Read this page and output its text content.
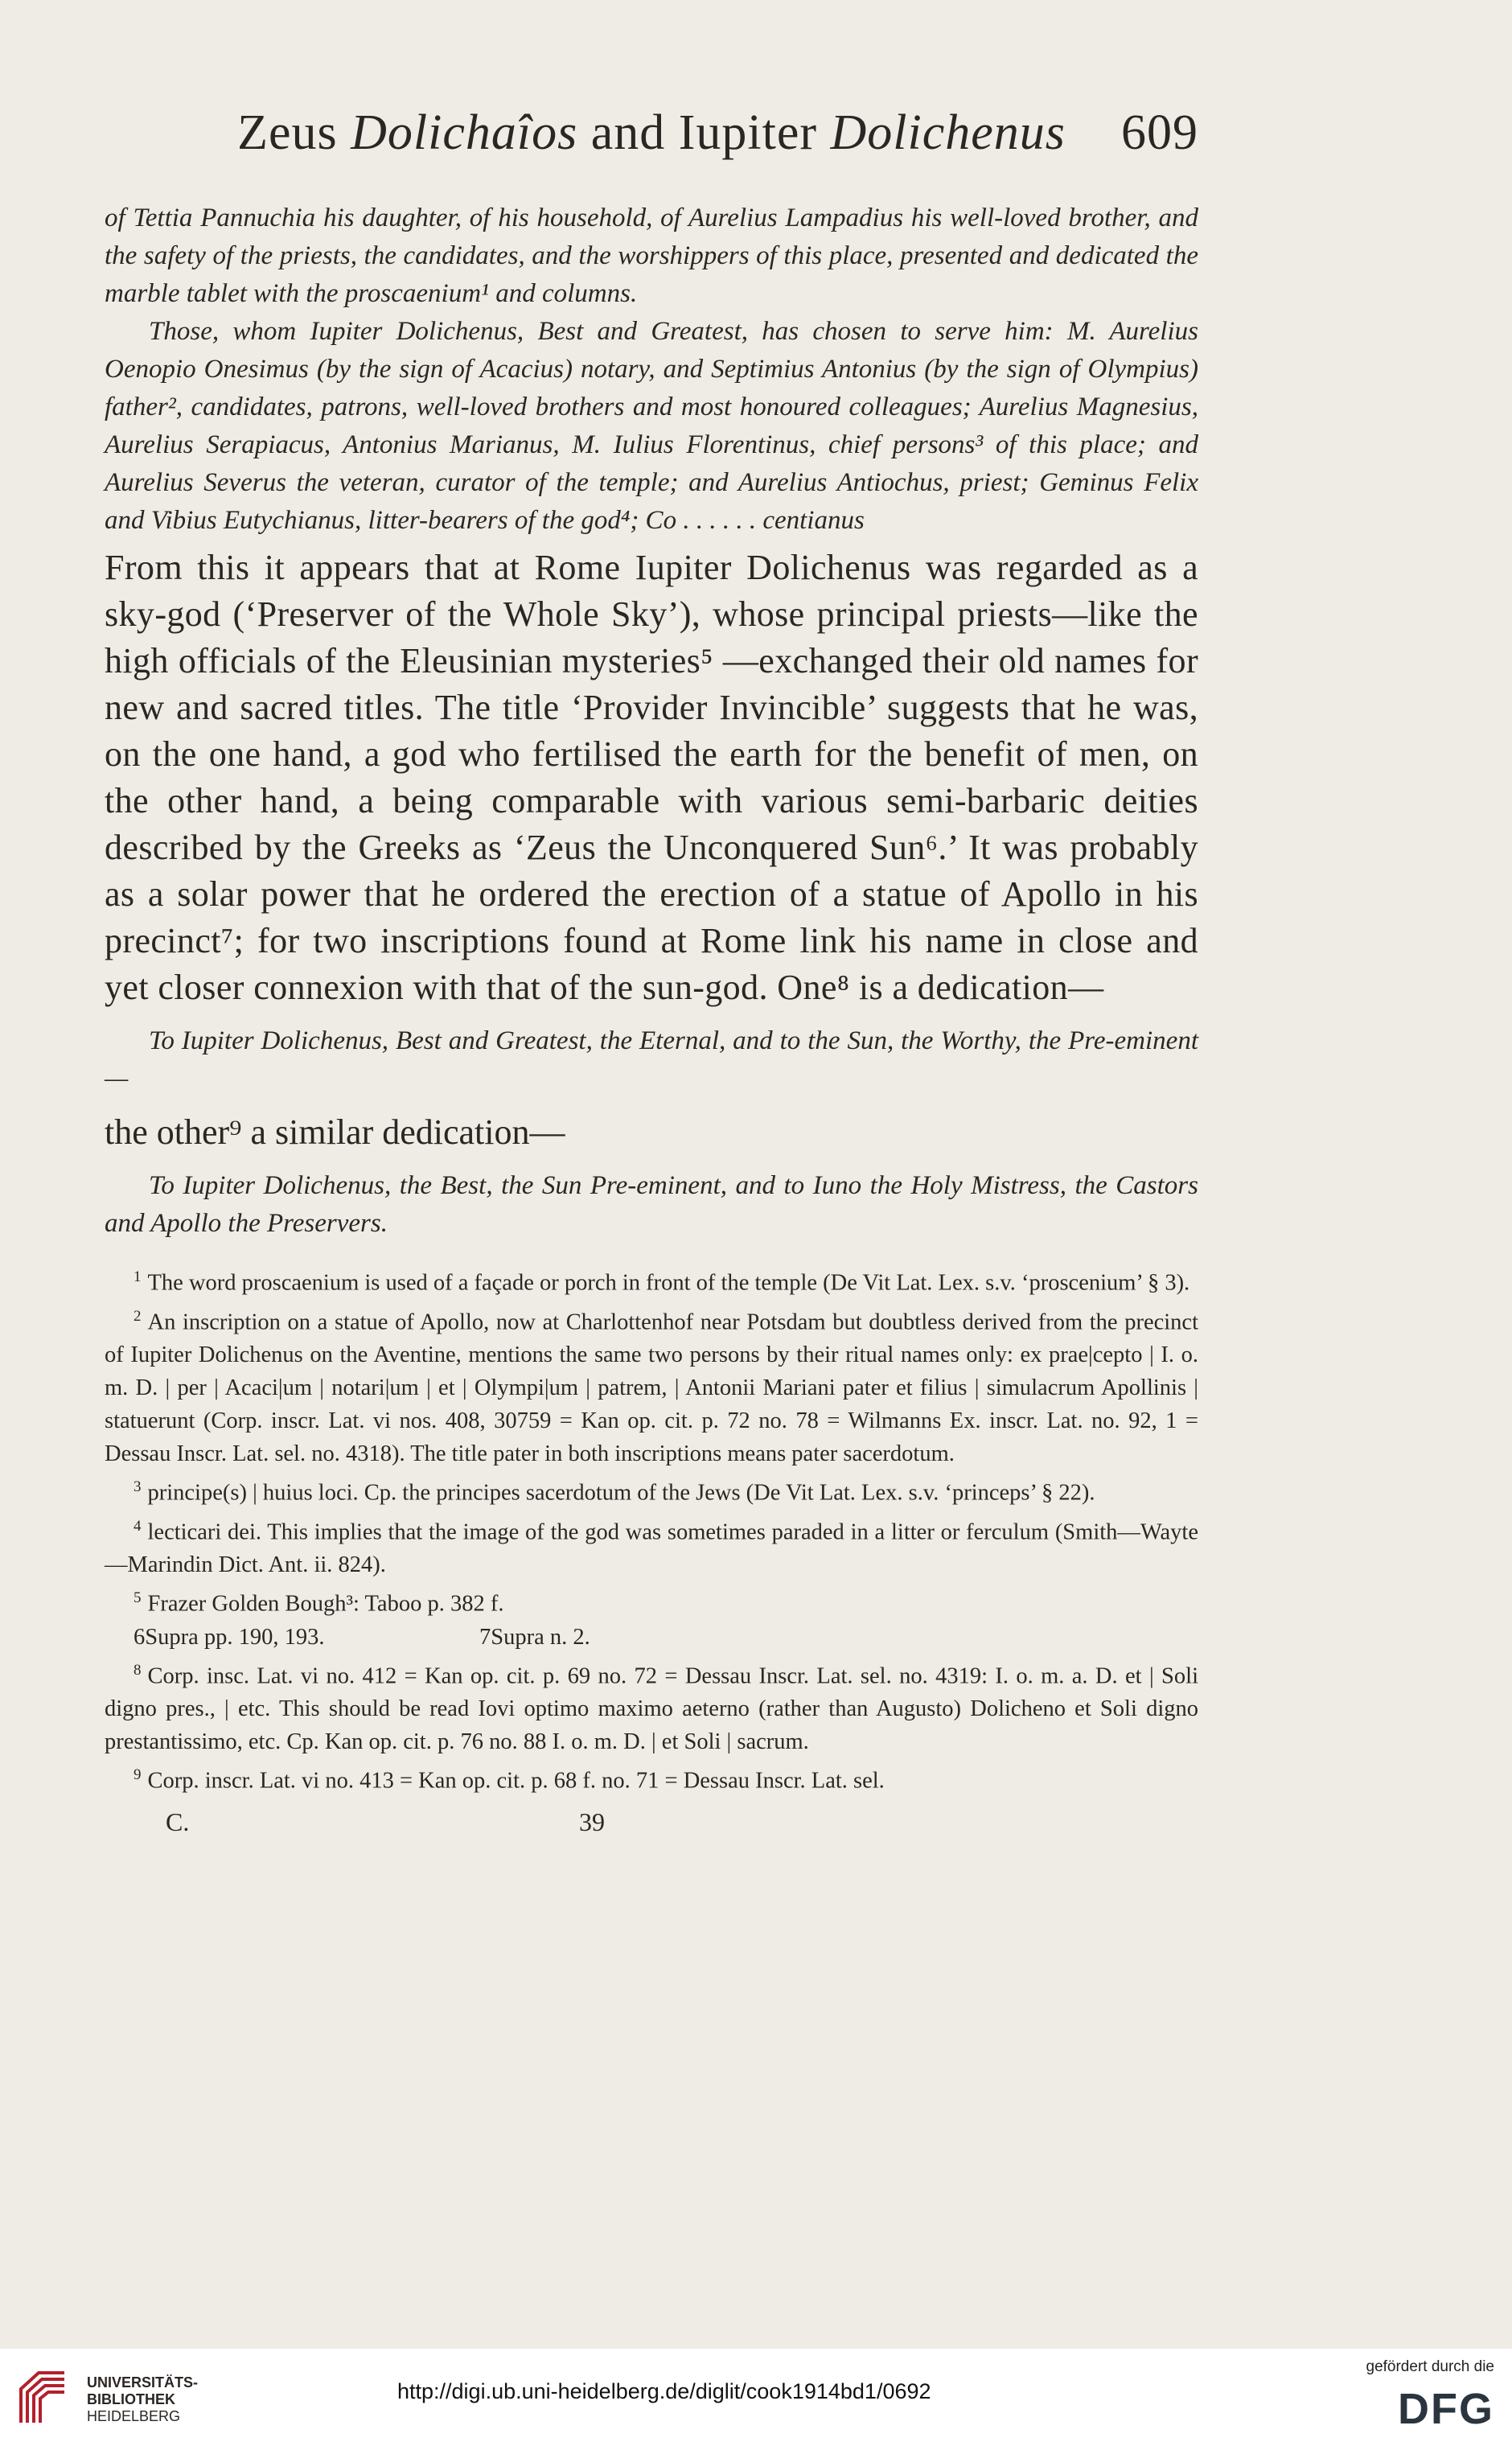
Zeus Dolichaîos and Iupiter Dolichenus 609

of Tettia Pannuchia his daughter, of his household, of Aurelius Lampadius his well-loved brother, and the safety of the priests, the candidates, and the worshippers of this place, presented and dedicated the marble tablet with the proscaenium¹ and columns.

Those, whom Iupiter Dolichenus, Best and Greatest, has chosen to serve him: M. Aurelius Oenopio Onesimus (by the sign of Acacius) notary, and Septimius Antonius (by the sign of Olympius) father², candidates, patrons, well-loved brothers and most honoured colleagues; Aurelius Magnesius, Aurelius Serapiacus, Antonius Marianus, M. Iulius Florentinus, chief persons³ of this place; and Aurelius Severus the veteran, curator of the temple; and Aurelius Antiochus, priest; Geminus Felix and Vibius Eutychianus, litter-bearers of the god⁴; Co . . . . . . centianus

From this it appears that at Rome Iupiter Dolichenus was regarded as a sky-god (‘Preserver of the Whole Sky’), whose principal priests—like the high officials of the Eleusinian mysteries⁵ —exchanged their old names for new and sacred titles. The title ‘Provider Invincible’ suggests that he was, on the one hand, a god who fertilised the earth for the benefit of men, on the other hand, a being comparable with various semi-barbaric deities described by the Greeks as ‘Zeus the Unconquered Sun⁶.’ It was probably as a solar power that he ordered the erection of a statue of Apollo in his precinct⁷; for two inscriptions found at Rome link his name in close and yet closer connexion with that of the sun-god. One⁸ is a dedication—

To Iupiter Dolichenus, Best and Greatest, the Eternal, and to the Sun, the Worthy, the Pre-eminent—

the other⁹ a similar dedication—

To Iupiter Dolichenus, the Best, the Sun Pre-eminent, and to Iuno the Holy Mistress, the Castors and Apollo the Preservers.

$^1$ The word proscaenium is used of a façade or porch in front of the temple (De Vit Lat. Lex. s.v. ‘proscenium’ § 3).

$^2$ An inscription on a statue of Apollo, now at Charlottenhof near Potsdam but doubtless derived from the precinct of Iupiter Dolichenus on the Aventine, mentions the same two persons by their ritual names only: ex prae|cepto | I. o. m. D. | per | Acaci|um | notari|um | et | Olympi|um | patrem, | Antonii Mariani pater et filius | simulacrum Apollinis | statuerunt (Corp. inscr. Lat. vi nos. 408, 30759 = Kan op. cit. p. 72 no. 78 = Wilmanns Ex. inscr. Lat. no. 92, 1 = Dessau Inscr. Lat. sel. no. 4318). The title pater in both inscriptions means pater sacerdotum.

$^3$ principe(s) | huius loci. Cp. the principes sacerdotum of the Jews (De Vit Lat. Lex. s.v. ‘princeps’ § 22).

$^4$ lecticari dei. This implies that the image of the god was sometimes paraded in a litter or ferculum (Smith—Wayte—Marindin Dict. Ant. ii. 824).

$^5$ Frazer Golden Bough³: Taboo p. 382 f.

6Supra pp. 190, 193.	7Supra n. 2.

$^8$ Corp. insc. Lat. vi no. 412 = Kan op. cit. p. 69 no. 72 = Dessau Inscr. Lat. sel. no. 4319: I. o. m. a. D. et | Soli digno pres., | etc. This should be read Iovi optimo maximo aeterno (rather than Augusto) Dolicheno et Soli digno prestantissimo, etc. Cp. Kan op. cit. p. 76 no. 88 I. o. m. D. | et Soli | sacrum.

$^9$ Corp. inscr. Lat. vi no. 413 = Kan op. cit. p. 68 f. no. 71 = Dessau Inscr. Lat. sel.

C.	39
UNIVERSITÄTS-
BIBLIOTHEK
HEIDELBERG
http://digi.ub.uni-heidelberg.de/diglit/cook1914bd1/0692
gefördert durch die
DFG
